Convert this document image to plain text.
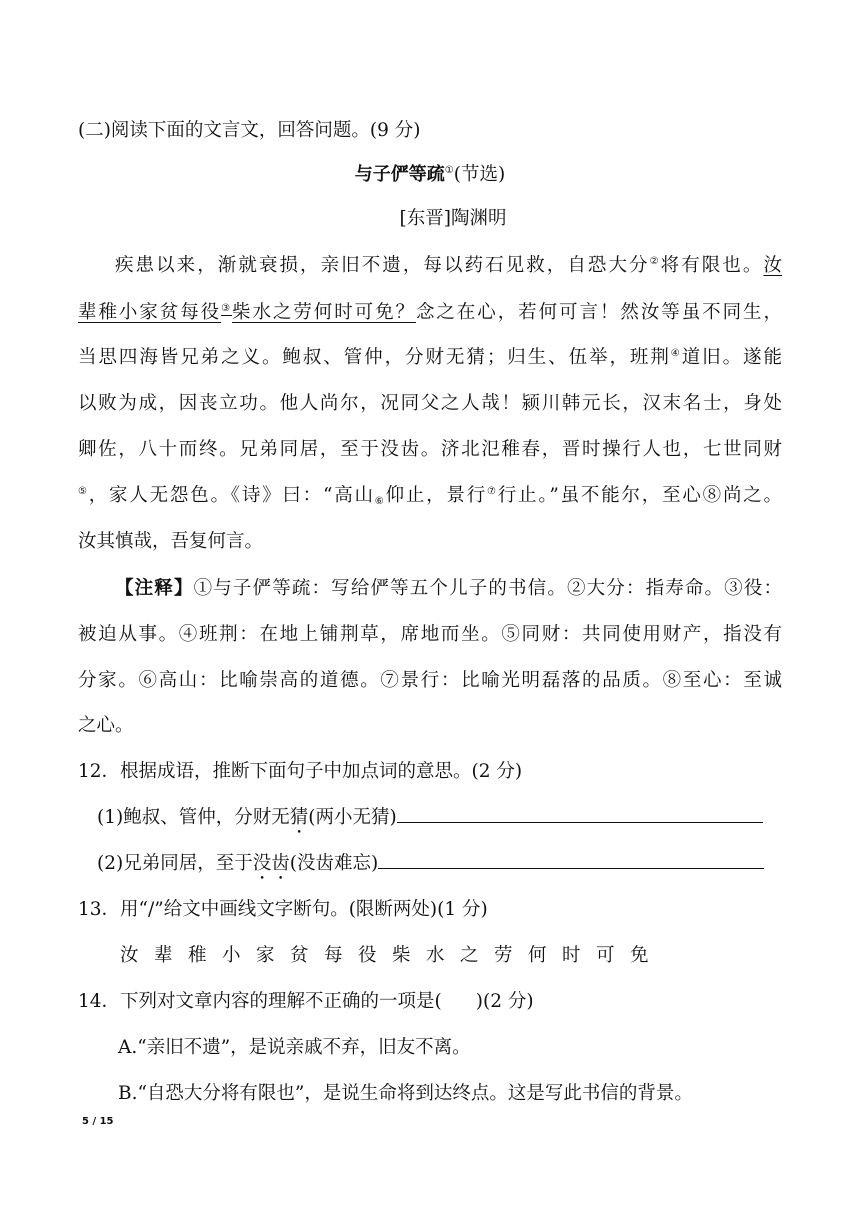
(二)阅读下面的文言文，回答问题。(9 分)
与子俨等疏①(节选)
[东晋]陶渊明
疾患以来，渐就衰损，亲旧不遗，每以药石见救，自恐大分②将有限也。汝
辈稚小家贫每役③柴水之劳何时可免？念之在心，若何可言！然汝等虽不同生，
当思四海皆兄弟之义。鲍叔、管仲，分财无猜；归生、伍举，班荆④道旧。遂能
以败为成，因丧立功。他人尚尔，况同父之人哉！颍川韩元长，汉末名士，身处
卿佐，八十而终。兄弟同居，至于没齿。济北氾稚春，晋时操行人也，七世同财
⑤，家人无怨色。《诗》曰：“高山$_⑥$仰止，景行⑦行止。”虽不能尔，至心⑧尚之。
汝其慎哉，吾复何言。
【注释】①与子俨等疏：写给俨等五个儿子的书信。②大分：指寿命。③役：
被迫从事。④班荆：在地上铺荆草，席地而坐。⑤同财：共同使用财产，指没有
分家。⑥高山：比喻崇高的道德。⑦景行：比喻光明磊落的品质。⑧至心：至诚
之心。
12．根据成语，推断下面句子中加点词的意思。(2 分)
(1)鲍叔、管仲，分财无猜(两小无猜)
(2)兄弟同居，至于没齿(没齿难忘)
13．用“/”给文中画线文字断句。(限断两处)(1 分)
汝辈稚小家贫每役柴水之劳何时可免
14．下列对文章内容的理解不正确的一项是( )(2 分)
A.“亲旧不遗”，是说亲戚不弃，旧友不离。
B.“自恐大分将有限也”，是说生命将到达终点。这是写此书信的背景。
5 / 15
